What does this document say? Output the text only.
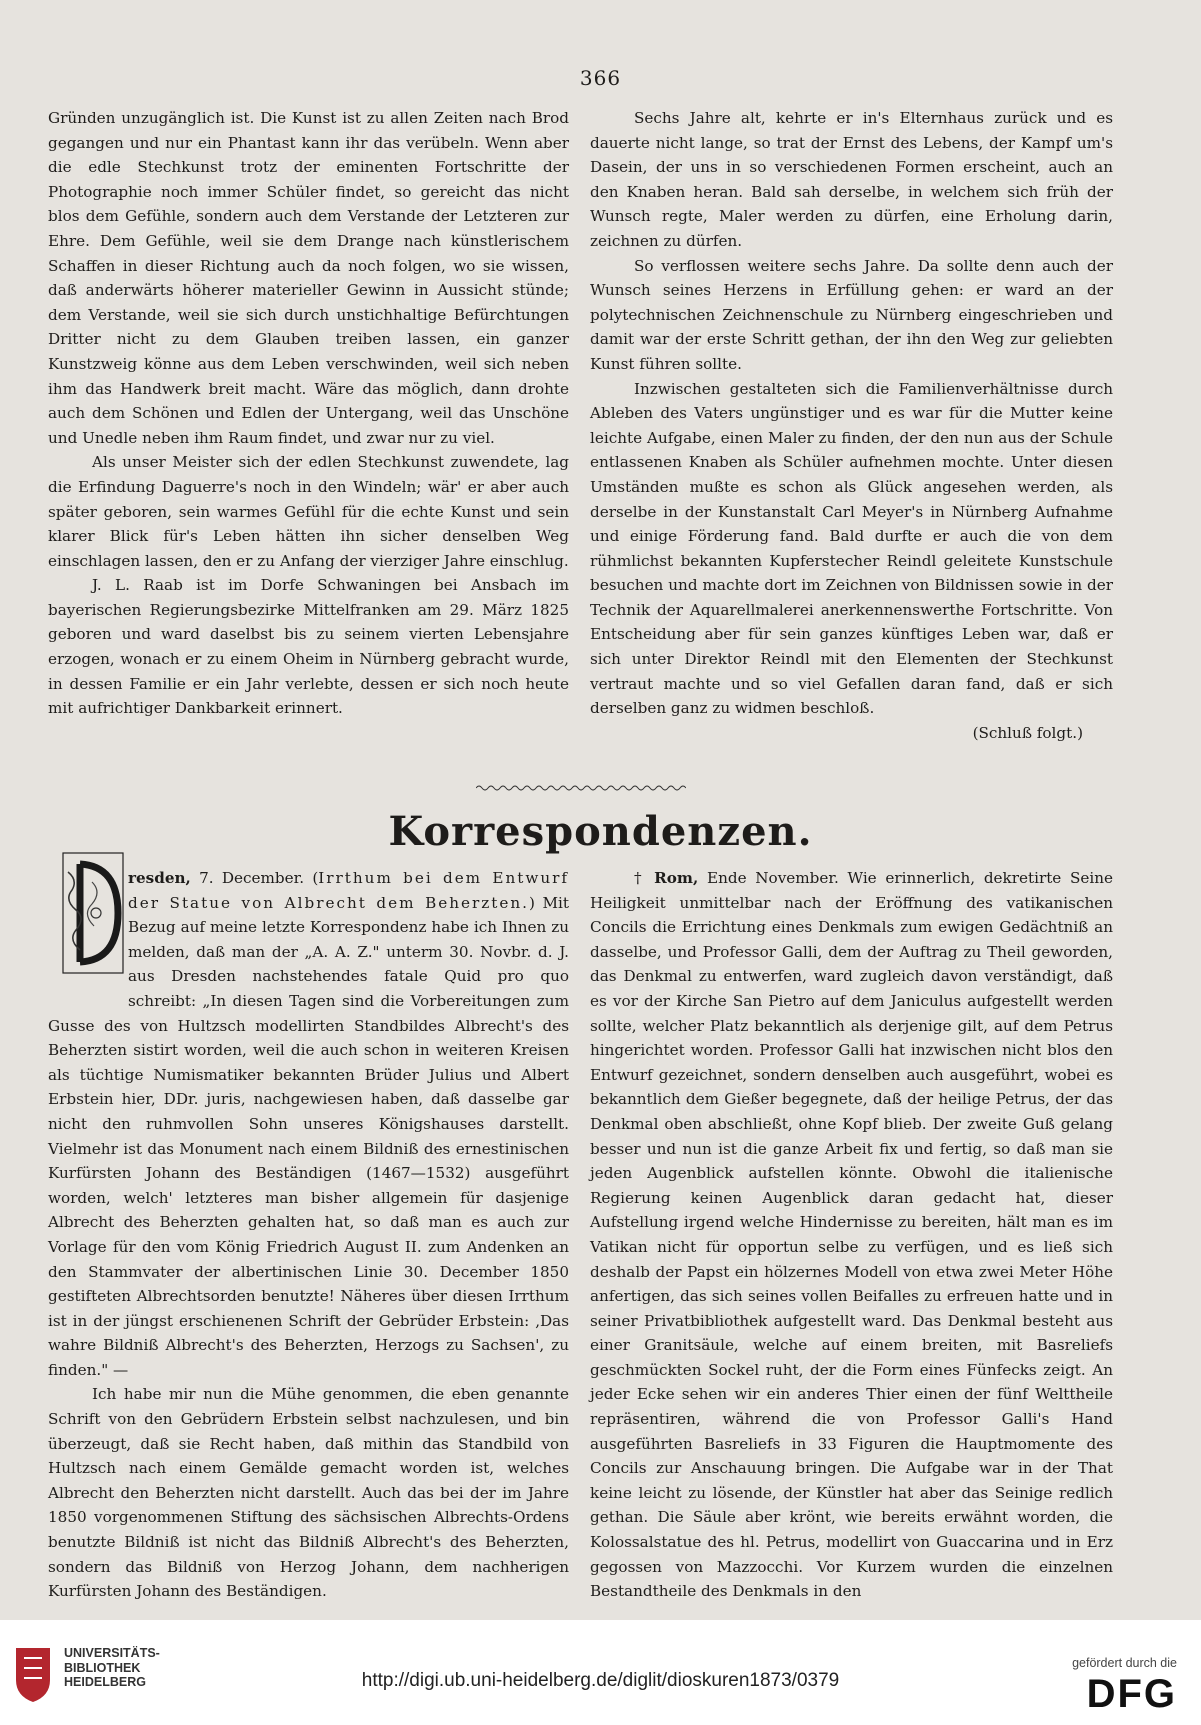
366

Gründen unzugänglich ist. Die Kunst ist zu allen Zeiten nach Brod gegangen und nur ein Phantast kann ihr das verübeln. Wenn aber die edle Stechkunst trotz der eminenten Fortschritte der Photographie noch immer Schüler findet, so gereicht das nicht blos dem Gefühle, sondern auch dem Verstande der Letzteren zur Ehre. Dem Gefühle, weil sie dem Drange nach künstlerischem Schaffen in dieser Richtung auch da noch folgen, wo sie wissen, daß anderwärts höherer materieller Gewinn in Aussicht stünde; dem Verstande, weil sie sich durch unstichhaltige Befürchtungen Dritter nicht zu dem Glauben treiben lassen, ein ganzer Kunstzweig könne aus dem Leben verschwinden, weil sich neben ihm das Handwerk breit macht. Wäre das möglich, dann drohte auch dem Schönen und Edlen der Untergang, weil das Unschöne und Unedle neben ihm Raum findet, und zwar nur zu viel.

Als unser Meister sich der edlen Stechkunst zuwendete, lag die Erfindung Daguerre's noch in den Windeln; wär' er aber auch später geboren, sein warmes Gefühl für die echte Kunst und sein klarer Blick für's Leben hätten ihn sicher denselben Weg einschlagen lassen, den er zu Anfang der vierziger Jahre einschlug.

J. L. Raab ist im Dorfe Schwaningen bei Ansbach im bayerischen Regierungsbezirke Mittelfranken am 29. März 1825 geboren und ward daselbst bis zu seinem vierten Lebensjahre erzogen, wonach er zu einem Oheim in Nürnberg gebracht wurde, in dessen Familie er ein Jahr verlebte, dessen er sich noch heute mit aufrichtiger Dankbarkeit erinnert.

Sechs Jahre alt, kehrte er in's Elternhaus zurück und es dauerte nicht lange, so trat der Ernst des Lebens, der Kampf um's Dasein, der uns in so verschiedenen Formen erscheint, auch an den Knaben heran. Bald sah derselbe, in welchem sich früh der Wunsch regte, Maler werden zu dürfen, eine Erholung darin, zeichnen zu dürfen.

So verflossen weitere sechs Jahre. Da sollte denn auch der Wunsch seines Herzens in Erfüllung gehen: er ward an der polytechnischen Zeichnenschule zu Nürnberg eingeschrieben und damit war der erste Schritt gethan, der ihn den Weg zur geliebten Kunst führen sollte.

Inzwischen gestalteten sich die Familienverhältnisse durch Ableben des Vaters ungünstiger und es war für die Mutter keine leichte Aufgabe, einen Maler zu finden, der den nun aus der Schule entlassenen Knaben als Schüler aufnehmen mochte. Unter diesen Umständen mußte es schon als Glück angesehen werden, als derselbe in der Kunstanstalt Carl Meyer's in Nürnberg Aufnahme und einige Förderung fand. Bald durfte er auch die von dem rühmlichst bekannten Kupferstecher Reindl geleitete Kunstschule besuchen und machte dort im Zeichnen von Bildnissen sowie in der Technik der Aquarellmalerei anerkennenswerthe Fortschritte. Von Entscheidung aber für sein ganzes künftiges Leben war, daß er sich unter Direktor Reindl mit den Elementen der Stechkunst vertraut machte und so viel Gefallen daran fand, daß er sich derselben ganz zu widmen beschloß.

(Schluß folgt.)

Korrespondenzen.

resden, 7. December. (Irrthum bei dem Entwurf der Statue von Albrecht dem Beherzten.) Mit Bezug auf meine letzte Korrespondenz habe ich Ihnen zu melden, daß man der „A. A. Z." unterm 30. Novbr. d. J. aus Dresden nachstehendes fatale Quid pro quo schreibt: „In diesen Tagen sind die Vorbereitungen zum Gusse des von Hultzsch modellirten Standbildes Albrecht's des Beherzten sistirt worden, weil die auch schon in weiteren Kreisen als tüchtige Numismatiker bekannten Brüder Julius und Albert Erbstein hier, DDr. juris, nachgewiesen haben, daß dasselbe gar nicht den ruhmvollen Sohn unseres Königshauses darstellt. Vielmehr ist das Monument nach einem Bildniß des ernestinischen Kurfürsten Johann des Beständigen (1467—1532) ausgeführt worden, welch' letzteres man bisher allgemein für dasjenige Albrecht des Beherzten gehalten hat, so daß man es auch zur Vorlage für den vom König Friedrich August II. zum Andenken an den Stammvater der albertinischen Linie 30. December 1850 gestifteten Albrechtsorden benutzte! Näheres über diesen Irrthum ist in der jüngst erschienenen Schrift der Gebrüder Erbstein: ‚Das wahre Bildniß Albrecht's des Beherzten, Herzogs zu Sachsen', zu finden." —

Ich habe mir nun die Mühe genommen, die eben genannte Schrift von den Gebrüdern Erbstein selbst nachzulesen, und bin überzeugt, daß sie Recht haben, daß mithin das Standbild von Hultzsch nach einem Gemälde gemacht worden ist, welches Albrecht den Beherzten nicht darstellt. Auch das bei der im Jahre 1850 vorgenommenen Stiftung des sächsischen Albrechts-Ordens benutzte Bildniß ist nicht das Bildniß Albrecht's des Beherzten, sondern das Bildniß von Herzog Johann, dem nachherigen Kurfürsten Johann des Beständigen.

† Rom, Ende November. Wie erinnerlich, dekretirte Seine Heiligkeit unmittelbar nach der Eröffnung des vatikanischen Concils die Errichtung eines Denkmals zum ewigen Gedächtniß an dasselbe, und Professor Galli, dem der Auftrag zu Theil geworden, das Denkmal zu entwerfen, ward zugleich davon verständigt, daß es vor der Kirche San Pietro auf dem Janiculus aufgestellt werden sollte, welcher Platz bekanntlich als derjenige gilt, auf dem Petrus hingerichtet worden. Professor Galli hat inzwischen nicht blos den Entwurf gezeichnet, sondern denselben auch ausgeführt, wobei es bekanntlich dem Gießer begegnete, daß der heilige Petrus, der das Denkmal oben abschließt, ohne Kopf blieb. Der zweite Guß gelang besser und nun ist die ganze Arbeit fix und fertig, so daß man sie jeden Augenblick aufstellen könnte. Obwohl die italienische Regierung keinen Augenblick daran gedacht hat, dieser Aufstellung irgend welche Hindernisse zu bereiten, hält man es im Vatikan nicht für opportun selbe zu verfügen, und es ließ sich deshalb der Papst ein hölzernes Modell von etwa zwei Meter Höhe anfertigen, das sich seines vollen Beifalles zu erfreuen hatte und in seiner Privatbibliothek aufgestellt ward. Das Denkmal besteht aus einer Granitsäule, welche auf einem breiten, mit Basreliefs geschmückten Sockel ruht, der die Form eines Fünfecks zeigt. An jeder Ecke sehen wir ein anderes Thier einen der fünf Welttheile repräsentiren, während die von Professor Galli's Hand ausgeführten Basreliefs in 33 Figuren die Hauptmomente des Concils zur Anschauung bringen. Die Aufgabe war in der That keine leicht zu lösende, der Künstler hat aber das Seinige redlich gethan. Die Säule aber krönt, wie bereits erwähnt worden, die Kolossalstatue des hl. Petrus, modellirt von Guaccarina und in Erz gegossen von Mazzocchi. Vor Kurzem wurden die einzelnen Bestandtheile des Denkmals in den

UNIVERSITÄTS-
BIBLIOTHEK
HEIDELBERG	http://digi.ub.uni-heidelberg.de/diglit/dioskuren1873/0379
gefördert durch die
DFG
